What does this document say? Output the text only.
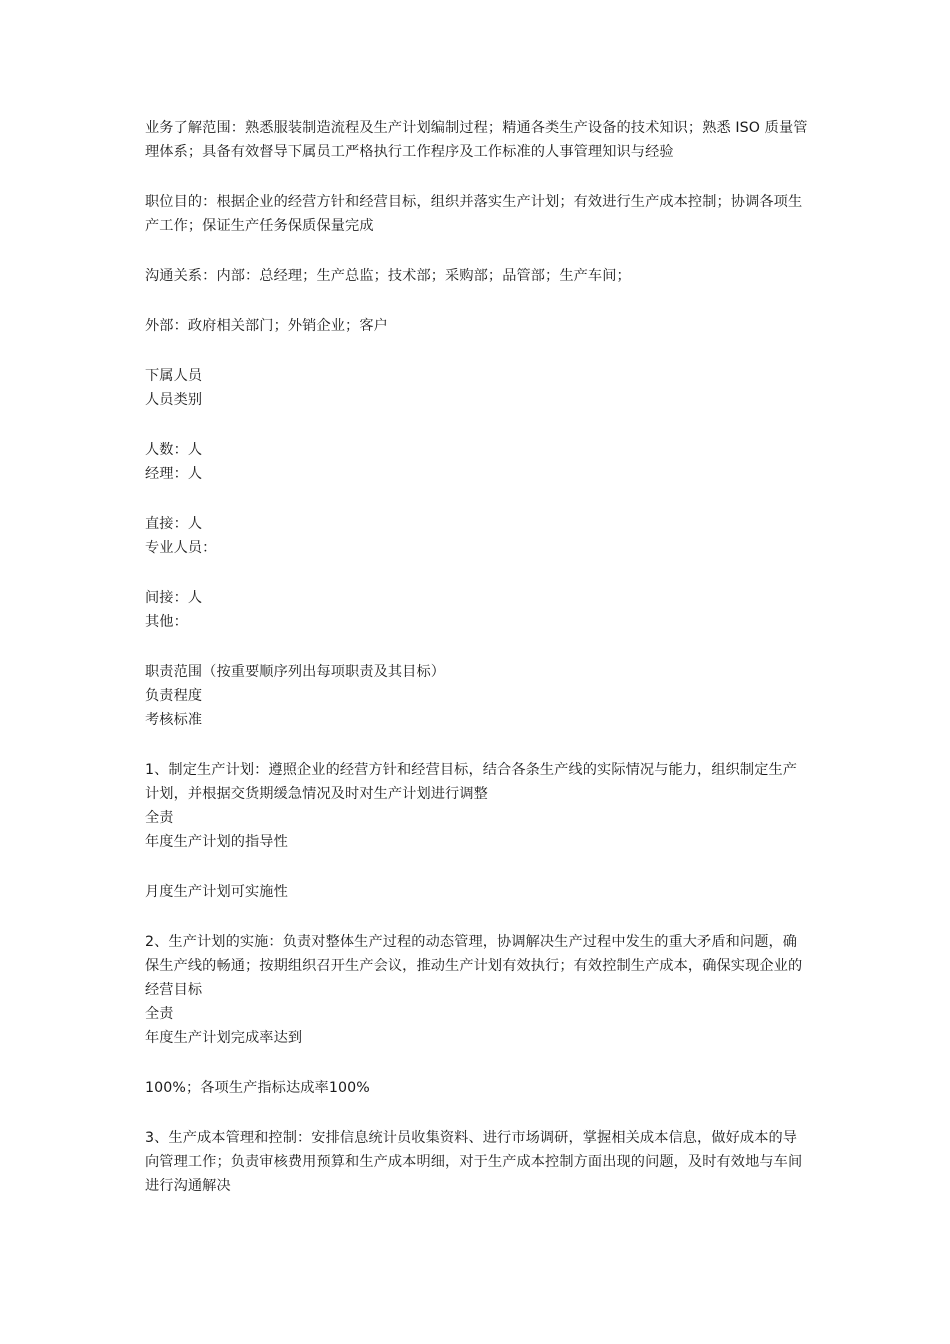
业务了解范围：熟悉服装制造流程及生产计划编制过程；精通各类生产设备的技术知识；熟悉 ISO 质量管理体系；具备有效督导下属员工严格执行工作程序及工作标准的人事管理知识与经验

职位目的：根据企业的经营方针和经营目标，组织并落实生产计划；有效进行生产成本控制；协调各项生产工作；保证生产任务保质保量完成

沟通关系：内部：总经理；生产总监；技术部；采购部；品管部；生产车间；

外部：政府相关部门；外销企业；客户

下属人员

人员类别

人数：人

经理：人

直接：人

专业人员：

间接：人

其他：

职责范围（按重要顺序列出每项职责及其目标）

负责程度

考核标准

1、制定生产计划：遵照企业的经营方针和经营目标，结合各条生产线的实际情况与能力，组织制定生产计划，并根据交货期缓急情况及时对生产计划进行调整

全责

年度生产计划的指导性

月度生产计划可实施性

2、生产计划的实施：负责对整体生产过程的动态管理，协调解决生产过程中发生的重大矛盾和问题，确保生产线的畅通；按期组织召开生产会议，推动生产计划有效执行；有效控制生产成本，确保实现企业的经营目标

全责

年度生产计划完成率达到

100%；各项生产指标达成率100%

3、生产成本管理和控制：安排信息统计员收集资料、进行市场调研，掌握相关成本信息，做好成本的导向管理工作；负责审核费用预算和生产成本明细，对于生产成本控制方面出现的问题，及时有效地与车间进行沟通解决
